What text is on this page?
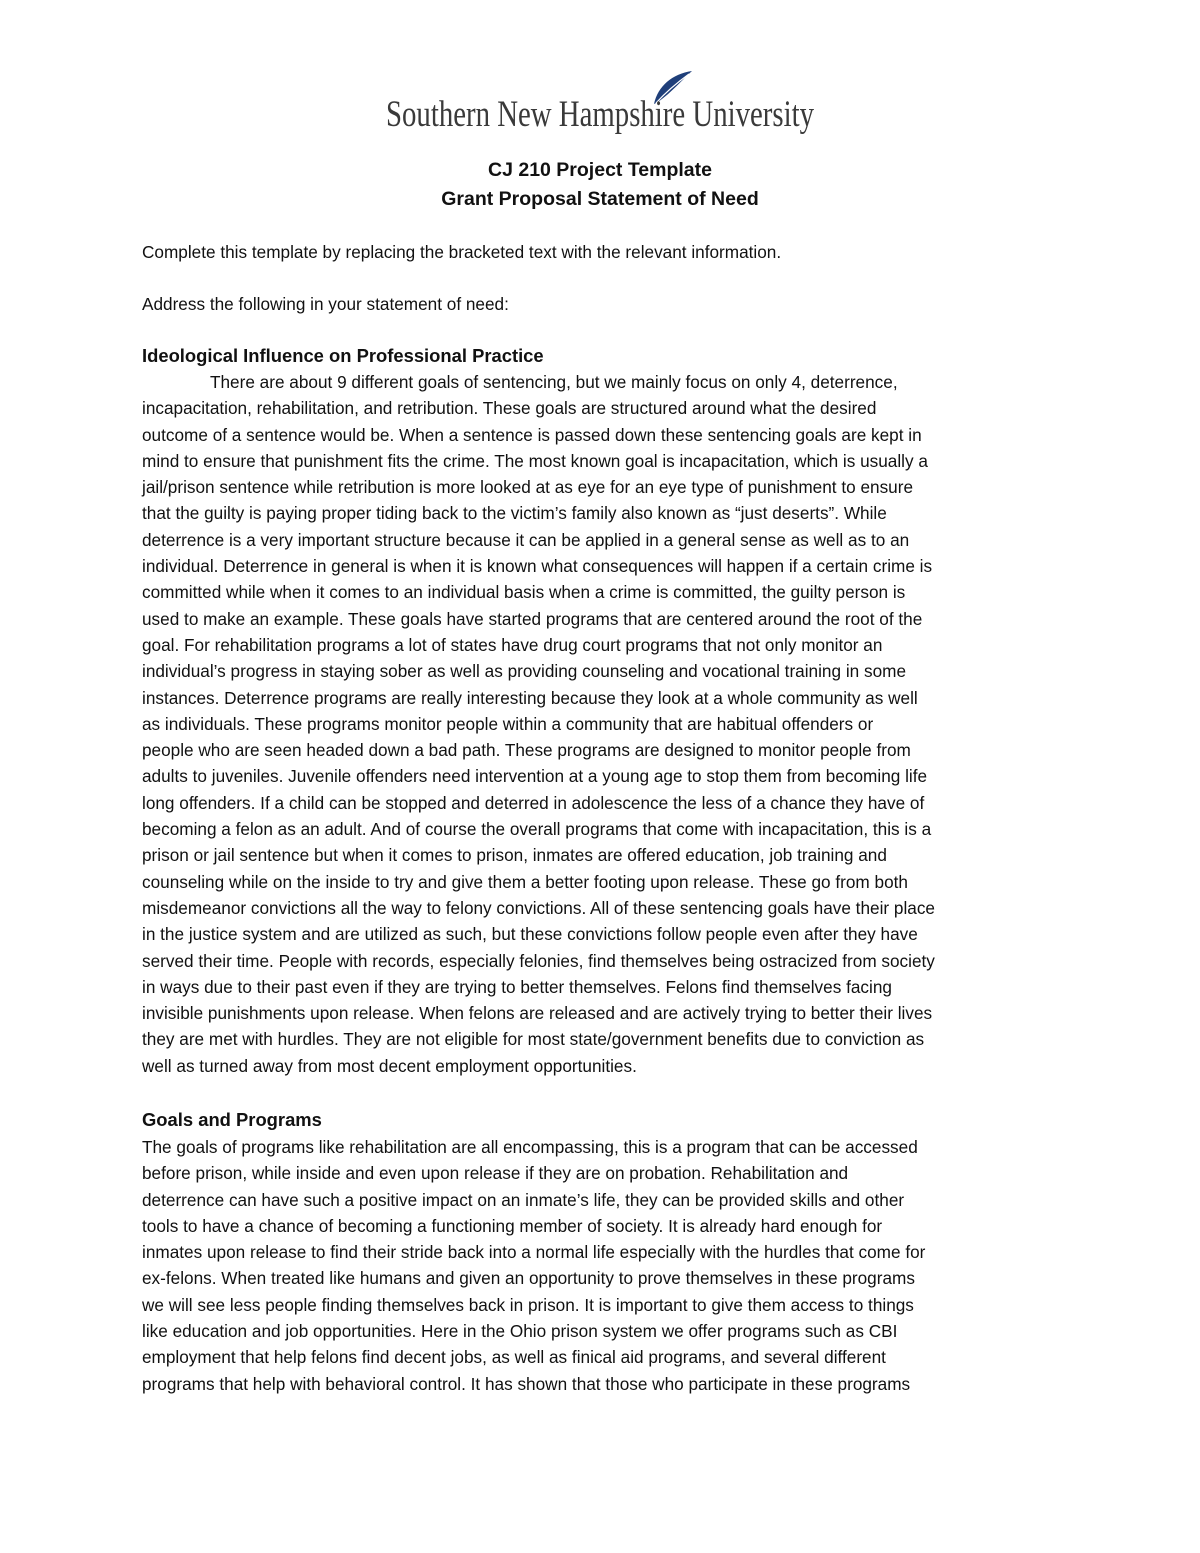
Southern New Hampshire University
CJ 210 Project Template
Grant Proposal Statement of Need
Complete this template by replacing the bracketed text with the relevant information.
Address the following in your statement of need:
Ideological Influence on Professional Practice
There are about 9 different goals of sentencing, but we mainly focus on only 4, deterrence,
incapacitation, rehabilitation, and retribution. These goals are structured around what the desired
outcome of a sentence would be. When a sentence is passed down these sentencing goals are kept in
mind to ensure that punishment fits the crime. The most known goal is incapacitation, which is usually a
jail/prison sentence while retribution is more looked at as eye for an eye type of punishment to ensure
that the guilty is paying proper tiding back to the victim’s family also known as “just deserts”. While
deterrence is a very important structure because it can be applied in a general sense as well as to an
individual. Deterrence in general is when it is known what consequences will happen if a certain crime is
committed while when it comes to an individual basis when a crime is committed, the guilty person is
used to make an example. These goals have started programs that are centered around the root of the
goal. For rehabilitation programs a lot of states have drug court programs that not only monitor an
individual’s progress in staying sober as well as providing counseling and vocational training in some
instances. Deterrence programs are really interesting because they look at a whole community as well
as individuals. These programs monitor people within a community that are habitual offenders or
people who are seen headed down a bad path. These programs are designed to monitor people from
adults to juveniles. Juvenile offenders need intervention at a young age to stop them from becoming life
long offenders. If a child can be stopped and deterred in adolescence the less of a chance they have of
becoming a felon as an adult. And of course the overall programs that come with incapacitation, this is a
prison or jail sentence but when it comes to prison, inmates are offered education, job training and
counseling while on the inside to try and give them a better footing upon release. These go from both
misdemeanor convictions all the way to felony convictions. All of these sentencing goals have their place
in the justice system and are utilized as such, but these convictions follow people even after they have
served their time. People with records, especially felonies, find themselves being ostracized from society
in ways due to their past even if they are trying to better themselves. Felons find themselves facing
invisible punishments upon release. When felons are released and are actively trying to better their lives
they are met with hurdles. They are not eligible for most state/government benefits due to conviction as
well as turned away from most decent employment opportunities.
Goals and Programs
The goals of programs like rehabilitation are all encompassing, this is a program that can be accessed
before prison, while inside and even upon release if they are on probation. Rehabilitation and
deterrence can have such a positive impact on an inmate’s life, they can be provided skills and other
tools to have a chance of becoming a functioning member of society. It is already hard enough for
inmates upon release to find their stride back into a normal life especially with the hurdles that come for
ex-felons. When treated like humans and given an opportunity to prove themselves in these programs
we will see less people finding themselves back in prison. It is important to give them access to things
like education and job opportunities. Here in the Ohio prison system we offer programs such as CBI
employment that help felons find decent jobs, as well as finical aid programs, and several different
programs that help with behavioral control. It has shown that those who participate in these programs
